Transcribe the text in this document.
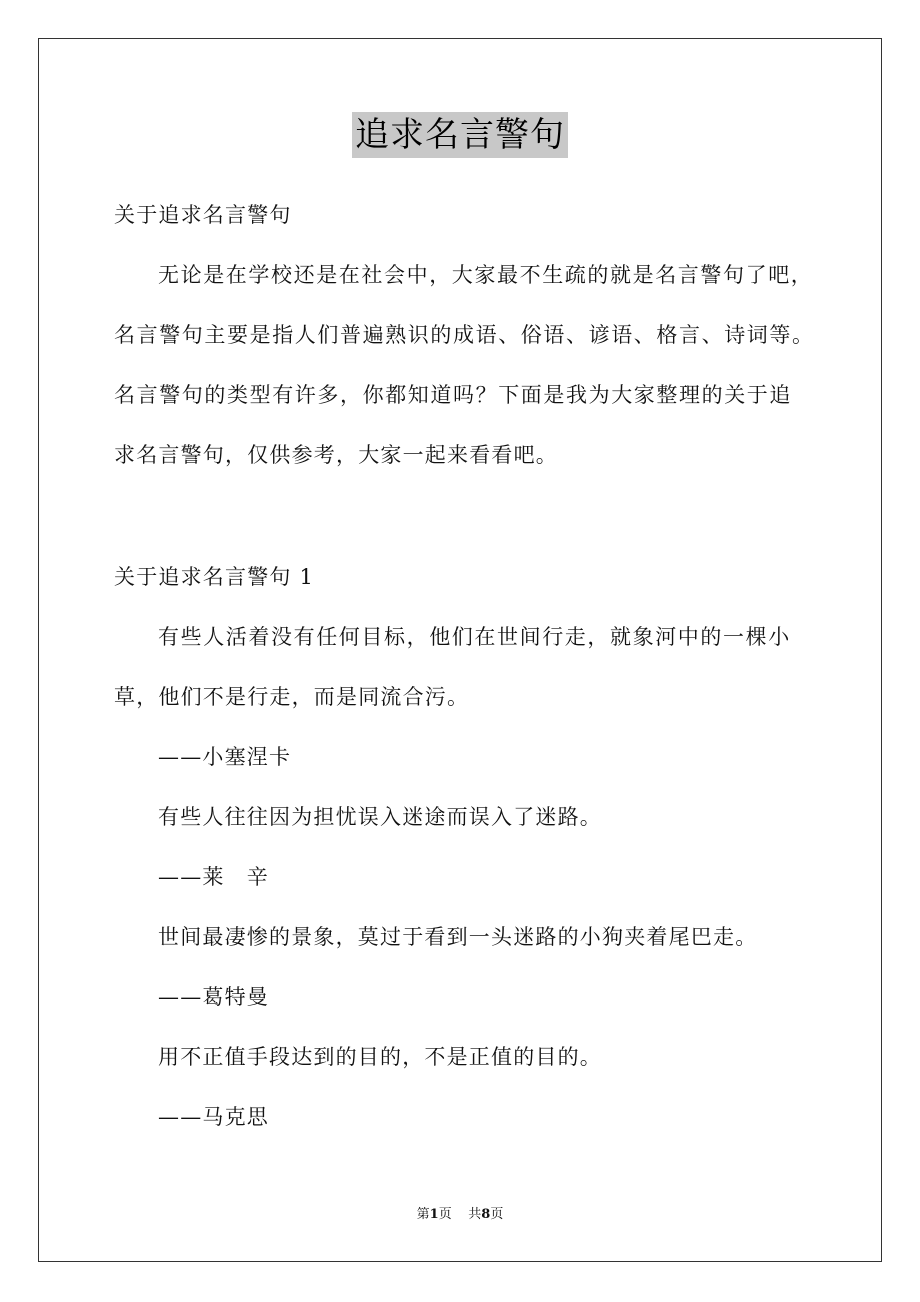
追求名言警句
关于追求名言警句
无论是在学校还是在社会中，大家最不生疏的就是名言警句了吧，
名言警句主要是指人们普遍熟识的成语、俗语、谚语、格言、诗词等。
名言警句的类型有许多，你都知道吗？下面是我为大家整理的关于追
求名言警句，仅供参考，大家一起来看看吧。
关于追求名言警句 1
有些人活着没有任何目标，他们在世间行走，就象河中的一棵小
草，他们不是行走，而是同流合污。
——小塞涅卡
有些人往往因为担忧误入迷途而误入了迷路。
——莱　辛
世间最凄惨的景象，莫过于看到一头迷路的小狗夹着尾巴走。
——葛特曼
用不正值手段达到的目的，不是正值的目的。
——马克思
第1页 共8页
